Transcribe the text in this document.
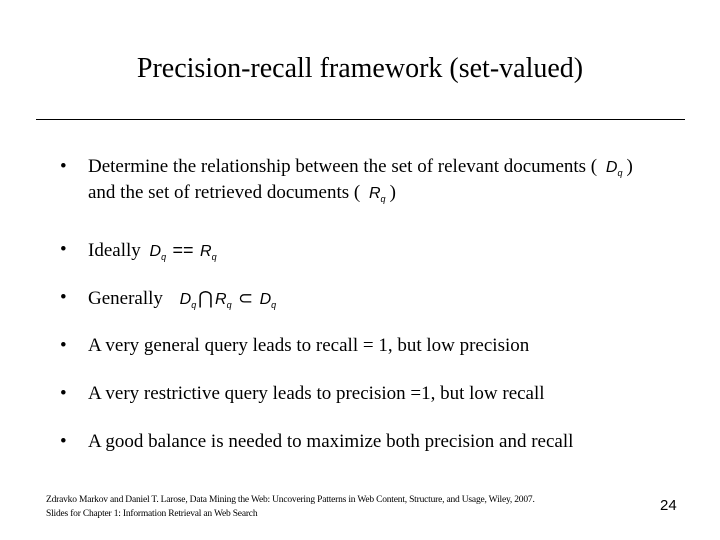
Precision-recall framework (set-valued)
• Determine the relationship between the set of relevant documents ( $D_q$ )
and the set of retrieved documents ( $R_q$ )
• Ideally $D_q == R_q$
• Generally $D_q$ ⋂ $R_q$ ⊂ $D_q$
• A very general query leads to recall = 1, but low precision
• A very restrictive query leads to precision =1, but low recall
• A good balance is needed to maximize both precision and recall
Zdravko Markov and Daniel T. Larose, Data Mining the Web: Uncovering Patterns in Web Content, Structure, and Usage, Wiley, 2007.
Slides for Chapter 1: Information Retrieval an Web Search	24
